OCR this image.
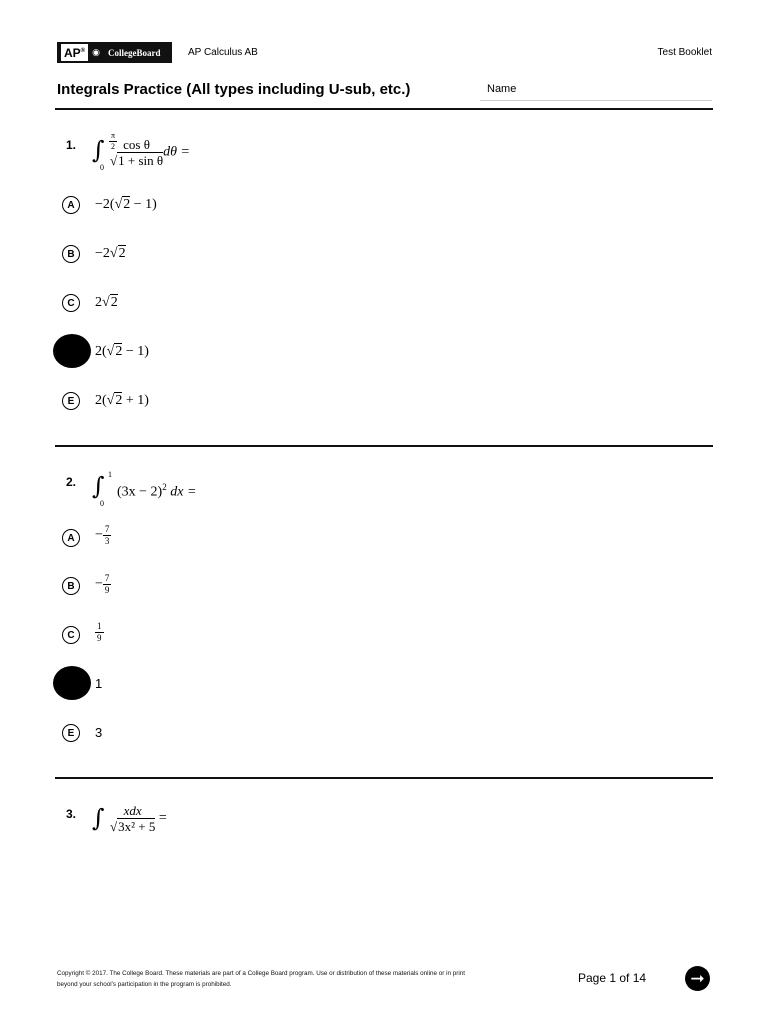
AP® ◉ CollegeBoard	AP Calculus AB	Test Booklet
Integrals Practice (All types including U-sub, etc.)	Name
1. ∫ $\frac{\pi}{2}$
0
$\frac{\text{cos θ}}{\text{√1 + sin θ}}$ dθ =
A	−2(√2 − 1)
B	−2√2
C	2√2
2(√2 − 1)
E	2(√2 + 1)
2. ∫ 1
0
$(3x - 2)^2$ dx =
A	− $\frac{7}{3}$
B	− $\frac{7}{9}$
C	$\frac{1}{9}$
1
E	3
3. ∫ $\frac{\text{xdx}}{\text{√3x² + 5}}$ =
Copyright © 2017. The College Board. These materials are part of a College Board program. Use or distribution of these materials online or in print
beyond your school’s participation in the program is prohibited.	Page 1 of 14	➞
